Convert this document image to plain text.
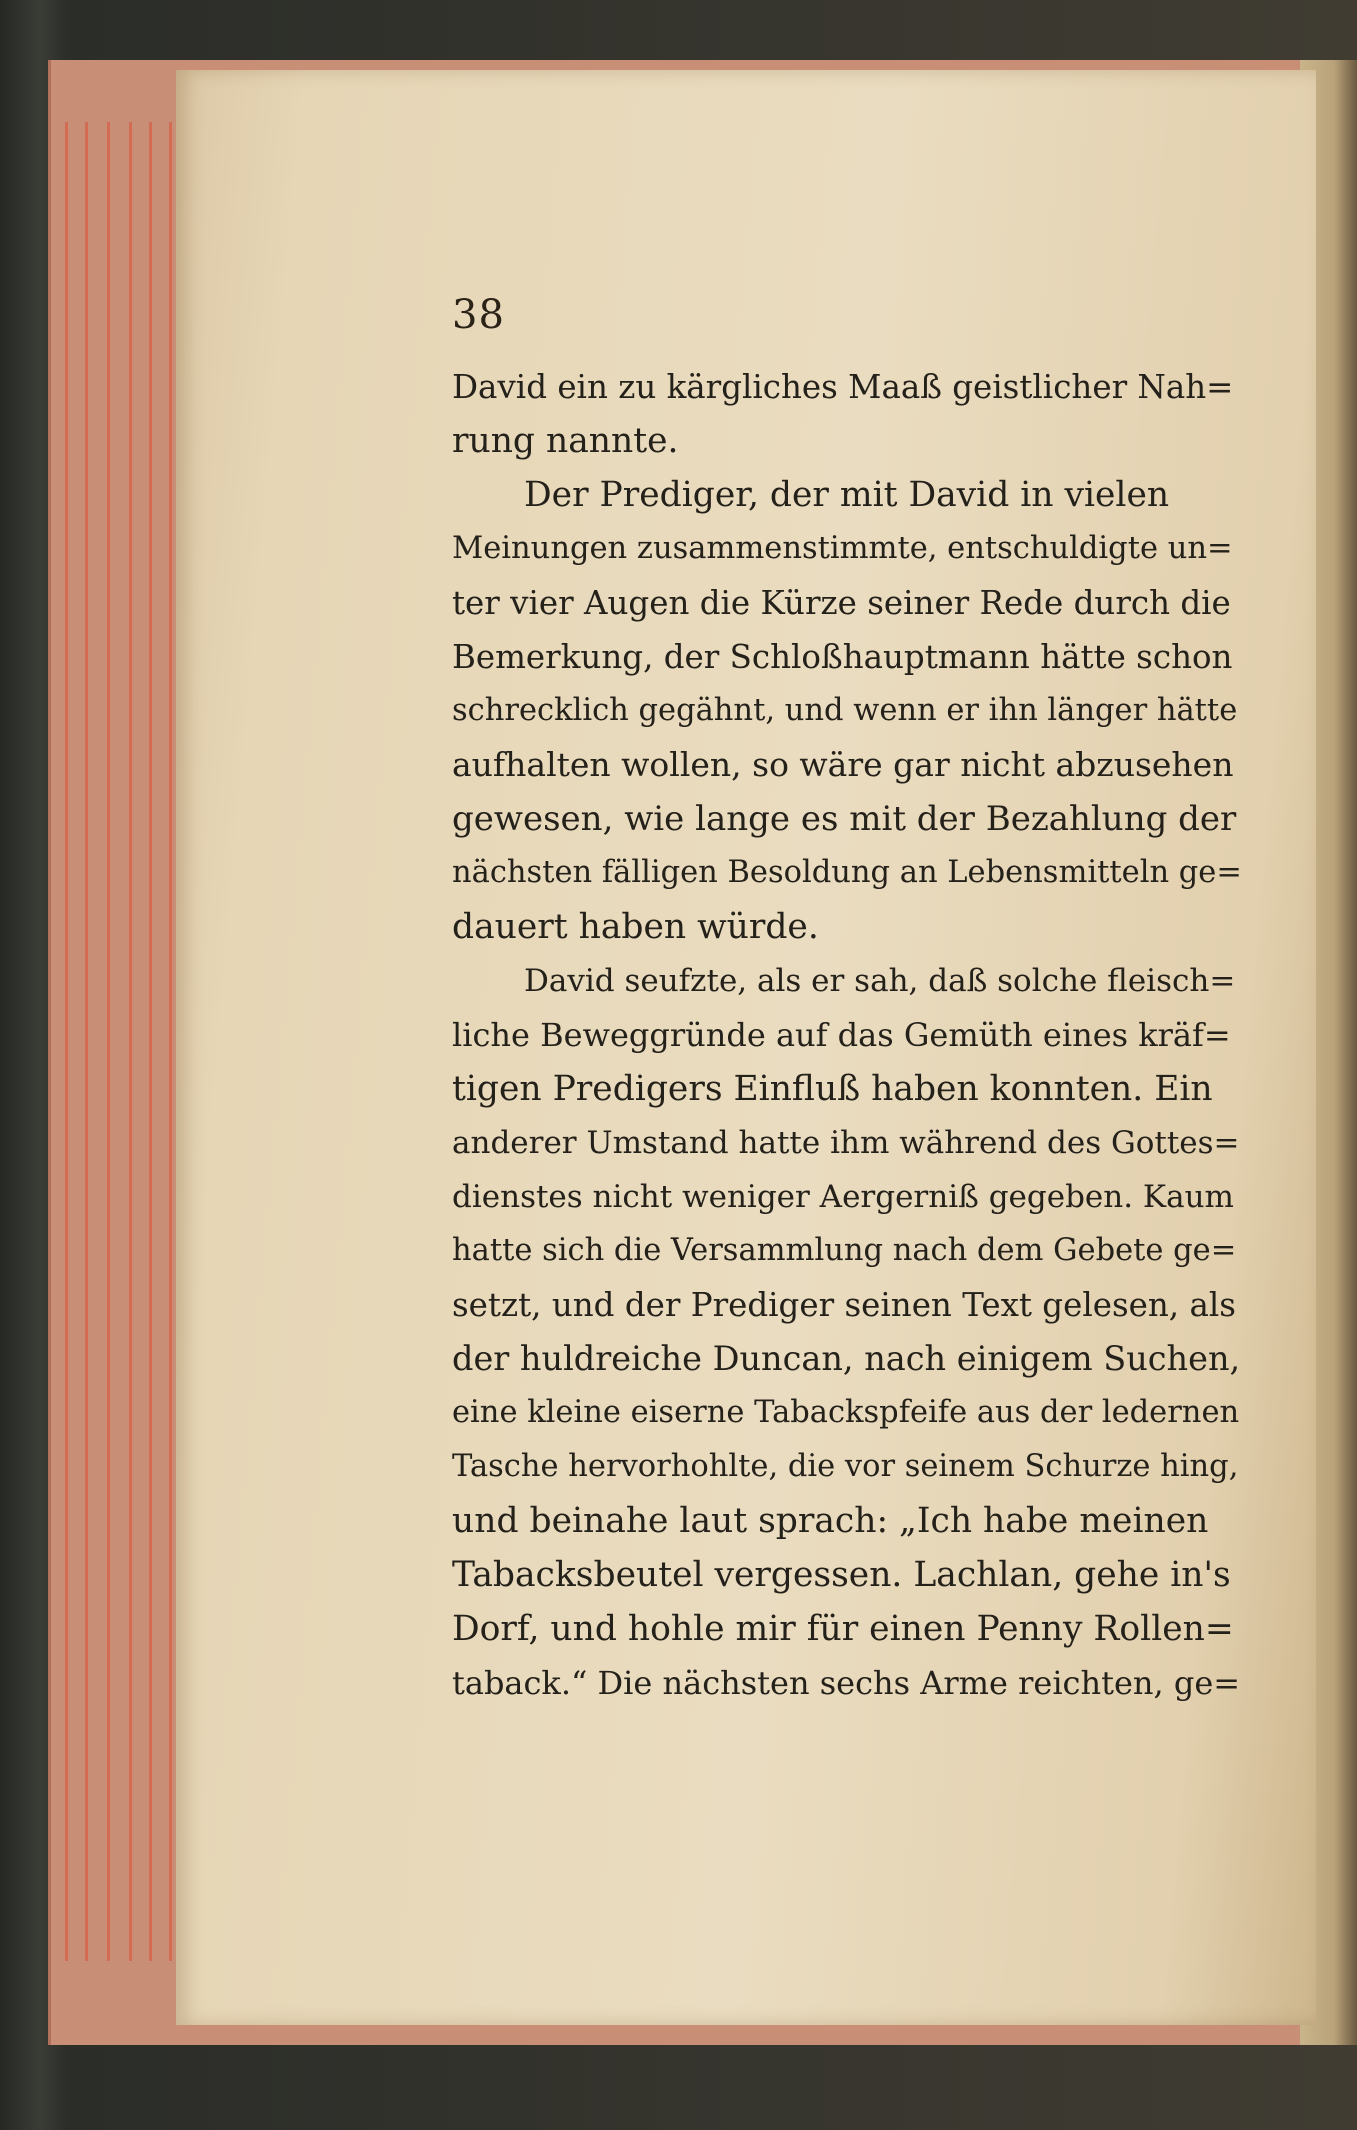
38
David ein zu kärgliches Maaß geistlicher Nah=
rung nannte.
Der Prediger, der mit David in vielen
Meinungen zusammenstimmte, entschuldigte un=
ter vier Augen die Kürze seiner Rede durch die
Bemerkung, der Schloßhauptmann hätte schon
schrecklich gegähnt, und wenn er ihn länger hätte
aufhalten wollen, so wäre gar nicht abzusehen
gewesen, wie lange es mit der Bezahlung der
nächsten fälligen Besoldung an Lebensmitteln ge=
dauert haben würde.
David seufzte, als er sah, daß solche fleisch=
liche Beweggründe auf das Gemüth eines kräf=
tigen Predigers Einfluß haben konnten. Ein
anderer Umstand hatte ihm während des Gottes=
dienstes nicht weniger Aergerniß gegeben. Kaum
hatte sich die Versammlung nach dem Gebete ge=
setzt, und der Prediger seinen Text gelesen, als
der huldreiche Duncan, nach einigem Suchen,
eine kleine eiserne Tabackspfeife aus der ledernen
Tasche hervorhohlte, die vor seinem Schurze hing,
und beinahe laut sprach: „Ich habe meinen
Tabacksbeutel vergessen. Lachlan, gehe in's
Dorf, und hohle mir für einen Penny Rollen=
taback.“ Die nächsten sechs Arme reichten, ge=
